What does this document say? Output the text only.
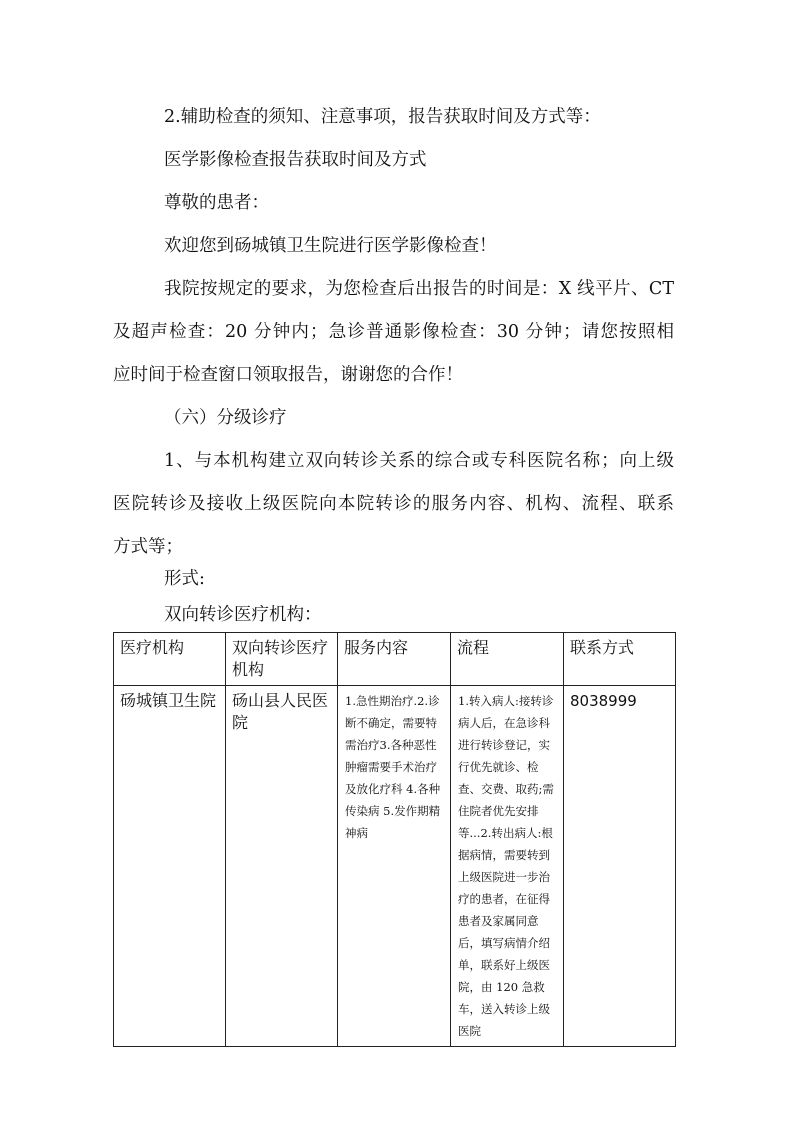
2.辅助检查的须知、注意事项，报告获取时间及方式等：
医学影像检查报告获取时间及方式
尊敬的患者：
欢迎您到砀城镇卫生院进行医学影像检查！
我院按规定的要求，为您检查后出报告的时间是：X 线平片、CT
及超声检查：20 分钟内；急诊普通影像检查：30 分钟；请您按照相
应时间于检查窗口领取报告，谢谢您的合作！
（六）分级诊疗
1、与本机构建立双向转诊关系的综合或专科医院名称；向上级
医院转诊及接收上级医院向本院转诊的服务内容、机构、流程、联系
方式等；
形式:
双向转诊医疗机构：
医疗机构	双向转诊医疗机构	服务内容	流程	联系方式
砀城镇卫生院	砀山县人民医院	1.急性期治疗.2.诊断不确定，需要特需治疗3.各种恶性肿瘤需要手术治疗及放化疗科 4.各种传染病 5.发作期精神病	1.转入病人:接转诊病人后，在急诊科进行转诊登记，实行优先就诊、检查、交费、取药;需住院者优先安排等...2.转出病人:根据病情，需要转到上级医院进一步治疗的患者，在征得患者及家属同意后，填写病情介绍单，联系好上级医院，由 120 急救车，送入转诊上级医院	8038999
